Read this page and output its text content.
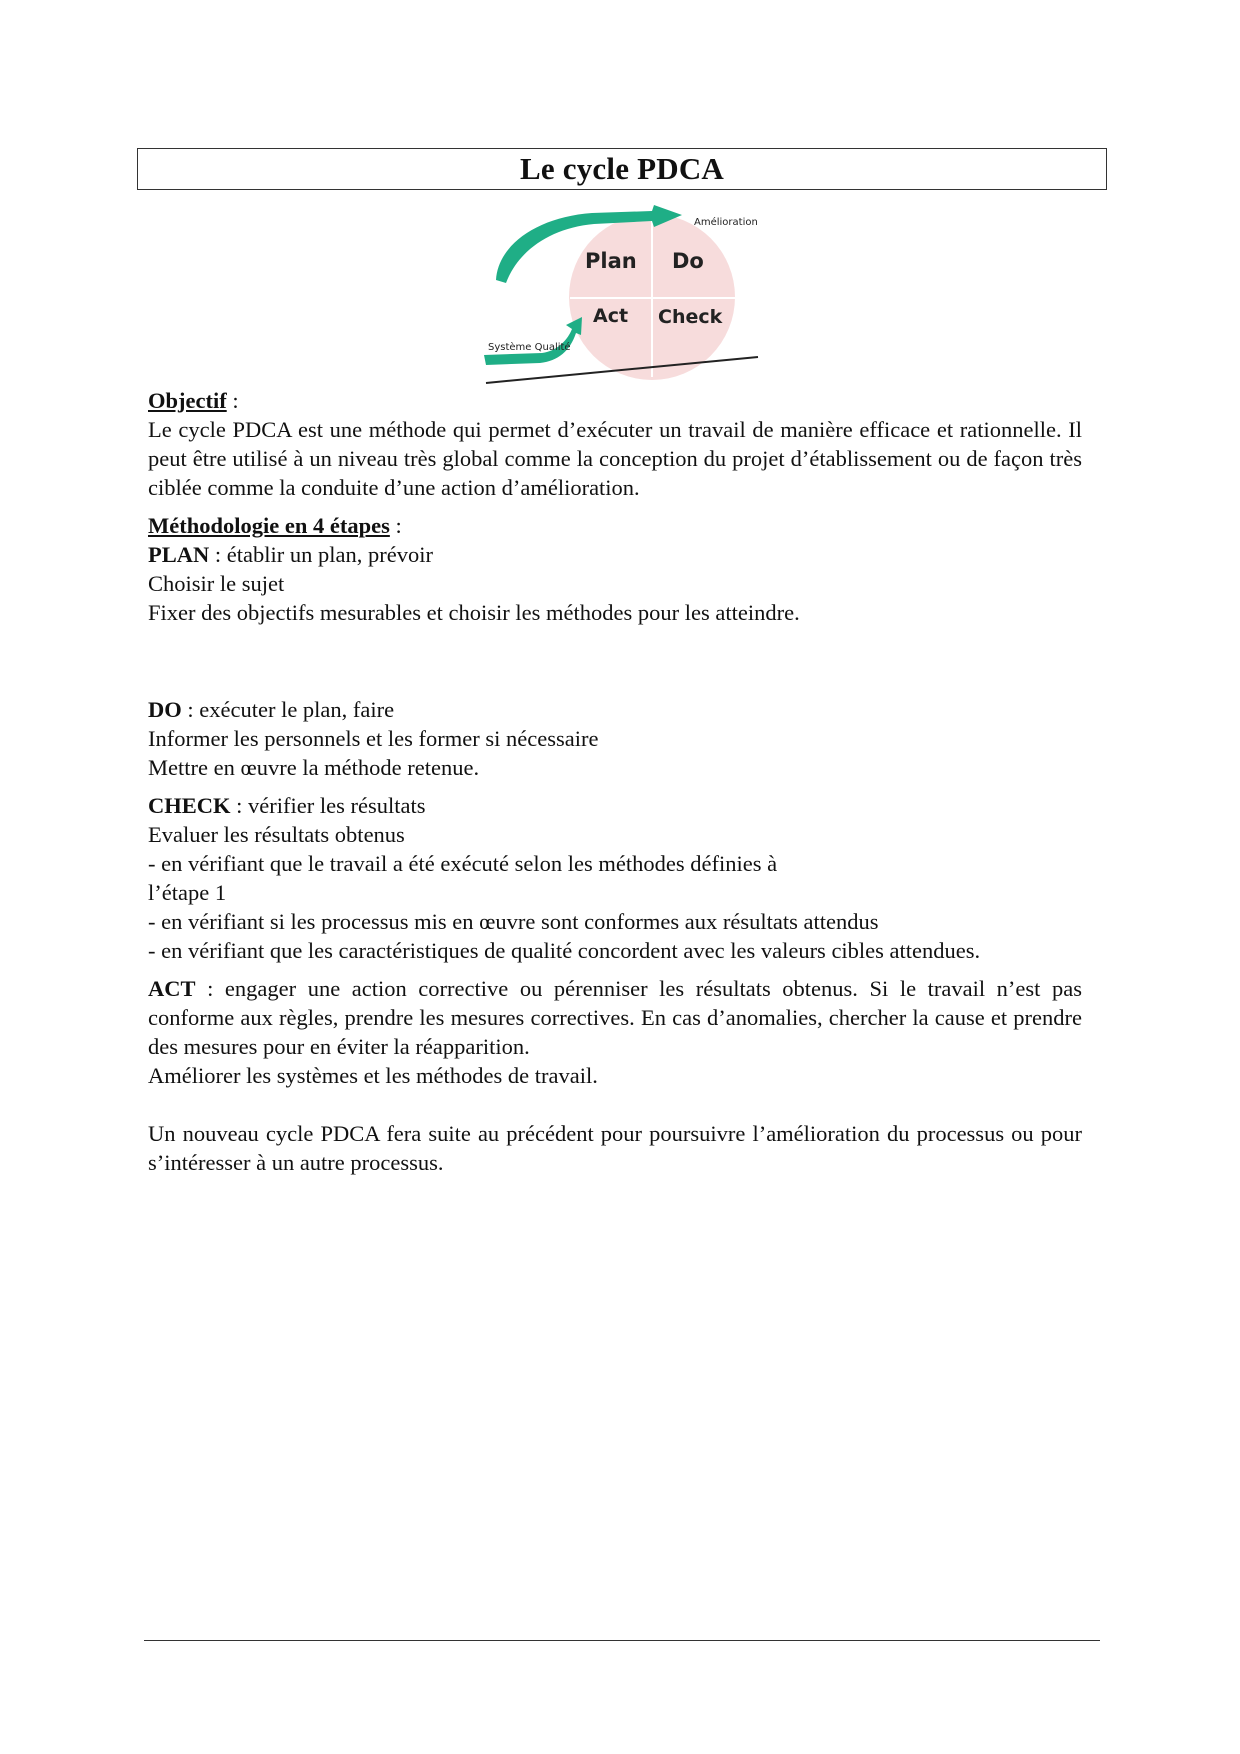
Le cycle PDCA
Plan Do
Act Check
Amélioration
Système Qualité

Objectif :

Le cycle PDCA est une méthode qui permet d’exécuter un travail de manière efficace et rationnelle. Il peut être utilisé à un niveau très global comme la conception du projet d’établissement ou de façon très ciblée comme la conduite d’une action d’amélioration.

Méthodologie en 4 étapes :

PLAN : établir un plan, prévoir

Choisir le sujet

Fixer des objectifs mesurables et choisir les méthodes pour les atteindre.

DO : exécuter le plan, faire

Informer les personnels et les former si nécessaire

Mettre en œuvre la méthode retenue.

CHECK : vérifier les résultats

Evaluer les résultats obtenus

- en vérifiant que le travail a été exécuté selon les méthodes définies à

l’étape 1

- en vérifiant si les processus mis en œuvre sont conformes aux résultats attendus

- en vérifiant que les caractéristiques de qualité concordent avec les valeurs cibles attendues.

ACT : engager une action corrective ou pérenniser les résultats obtenus. Si le travail n’est pas conforme aux règles, prendre les mesures correctives. En cas d’anomalies, chercher la cause et prendre des mesures pour en éviter la réapparition.

Améliorer les systèmes et les méthodes de travail.

Un nouveau cycle PDCA fera suite au précédent pour poursuivre l’amélioration du processus ou pour s’intéresser à un autre processus.
